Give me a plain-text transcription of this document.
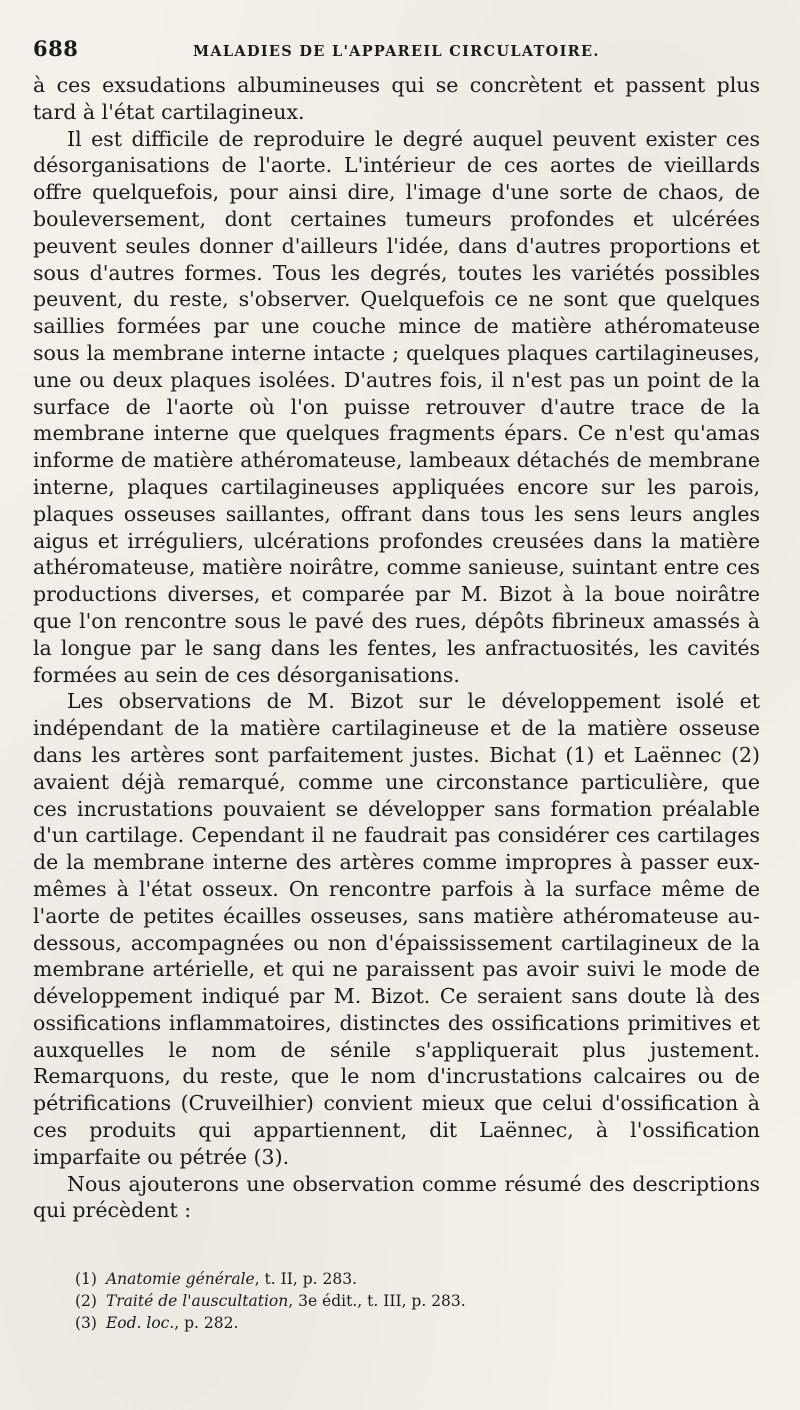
688	MALADIES DE L'APPAREIL CIRCULATOIRE.

à ces exsudations albumineuses qui se concrètent et passent plus tard à l'état cartilagineux.

Il est difficile de reproduire le degré auquel peuvent exister ces désorganisations de l'aorte. L'intérieur de ces aortes de vieillards offre quelquefois, pour ainsi dire, l'image d'une sorte de chaos, de bouleversement, dont certaines tumeurs profondes et ulcérées peuvent seules donner d'ailleurs l'idée, dans d'autres proportions et sous d'autres formes. Tous les degrés, toutes les variétés possibles peuvent, du reste, s'observer. Quelquefois ce ne sont que quelques saillies formées par une couche mince de matière athéromateuse sous la membrane interne intacte ; quelques plaques cartilagineuses, une ou deux plaques isolées. D'autres fois, il n'est pas un point de la surface de l'aorte où l'on puisse retrouver d'autre trace de la membrane interne que quelques fragments épars. Ce n'est qu'amas informe de matière athéromateuse, lambeaux détachés de membrane interne, plaques cartilagineuses appliquées encore sur les parois, plaques osseuses saillantes, offrant dans tous les sens leurs angles aigus et irréguliers, ulcérations profondes creusées dans la matière athéromateuse, matière noirâtre, comme sanieuse, suintant entre ces productions diverses, et comparée par M. Bizot à la boue noirâtre que l'on rencontre sous le pavé des rues, dépôts fibrineux amassés à la longue par le sang dans les fentes, les anfractuosités, les cavités formées au sein de ces désorganisations.

Les observations de M. Bizot sur le développement isolé et indépendant de la matière cartilagineuse et de la matière osseuse dans les artères sont parfaitement justes. Bichat (1) et Laënnec (2) avaient déjà remarqué, comme une circonstance particulière, que ces incrustations pouvaient se développer sans formation préalable d'un cartilage. Cependant il ne faudrait pas considérer ces cartilages de la membrane interne des artères comme impropres à passer eux-mêmes à l'état osseux. On rencontre parfois à la surface même de l'aorte de petites écailles osseuses, sans matière athéromateuse au-dessous, accompagnées ou non d'épaississement cartilagineux de la membrane artérielle, et qui ne paraissent pas avoir suivi le mode de développement indiqué par M. Bizot. Ce seraient sans doute là des ossifications inflammatoires, distinctes des ossifications primitives et auxquelles le nom de sénile s'appliquerait plus justement. Remarquons, du reste, que le nom d'incrustations calcaires ou de pétrifications (Cruveilhier) convient mieux que celui d'ossification à ces produits qui appartiennent, dit Laënnec, à l'ossification imparfaite ou pétrée (3).

Nous ajouterons une observation comme résumé des descriptions qui précèdent :

(1) Anatomie générale, t. II, p. 283.
(2) Traité de l'auscultation, 3e édit., t. III, p. 283.
(3) Eod. loc., p. 282.
